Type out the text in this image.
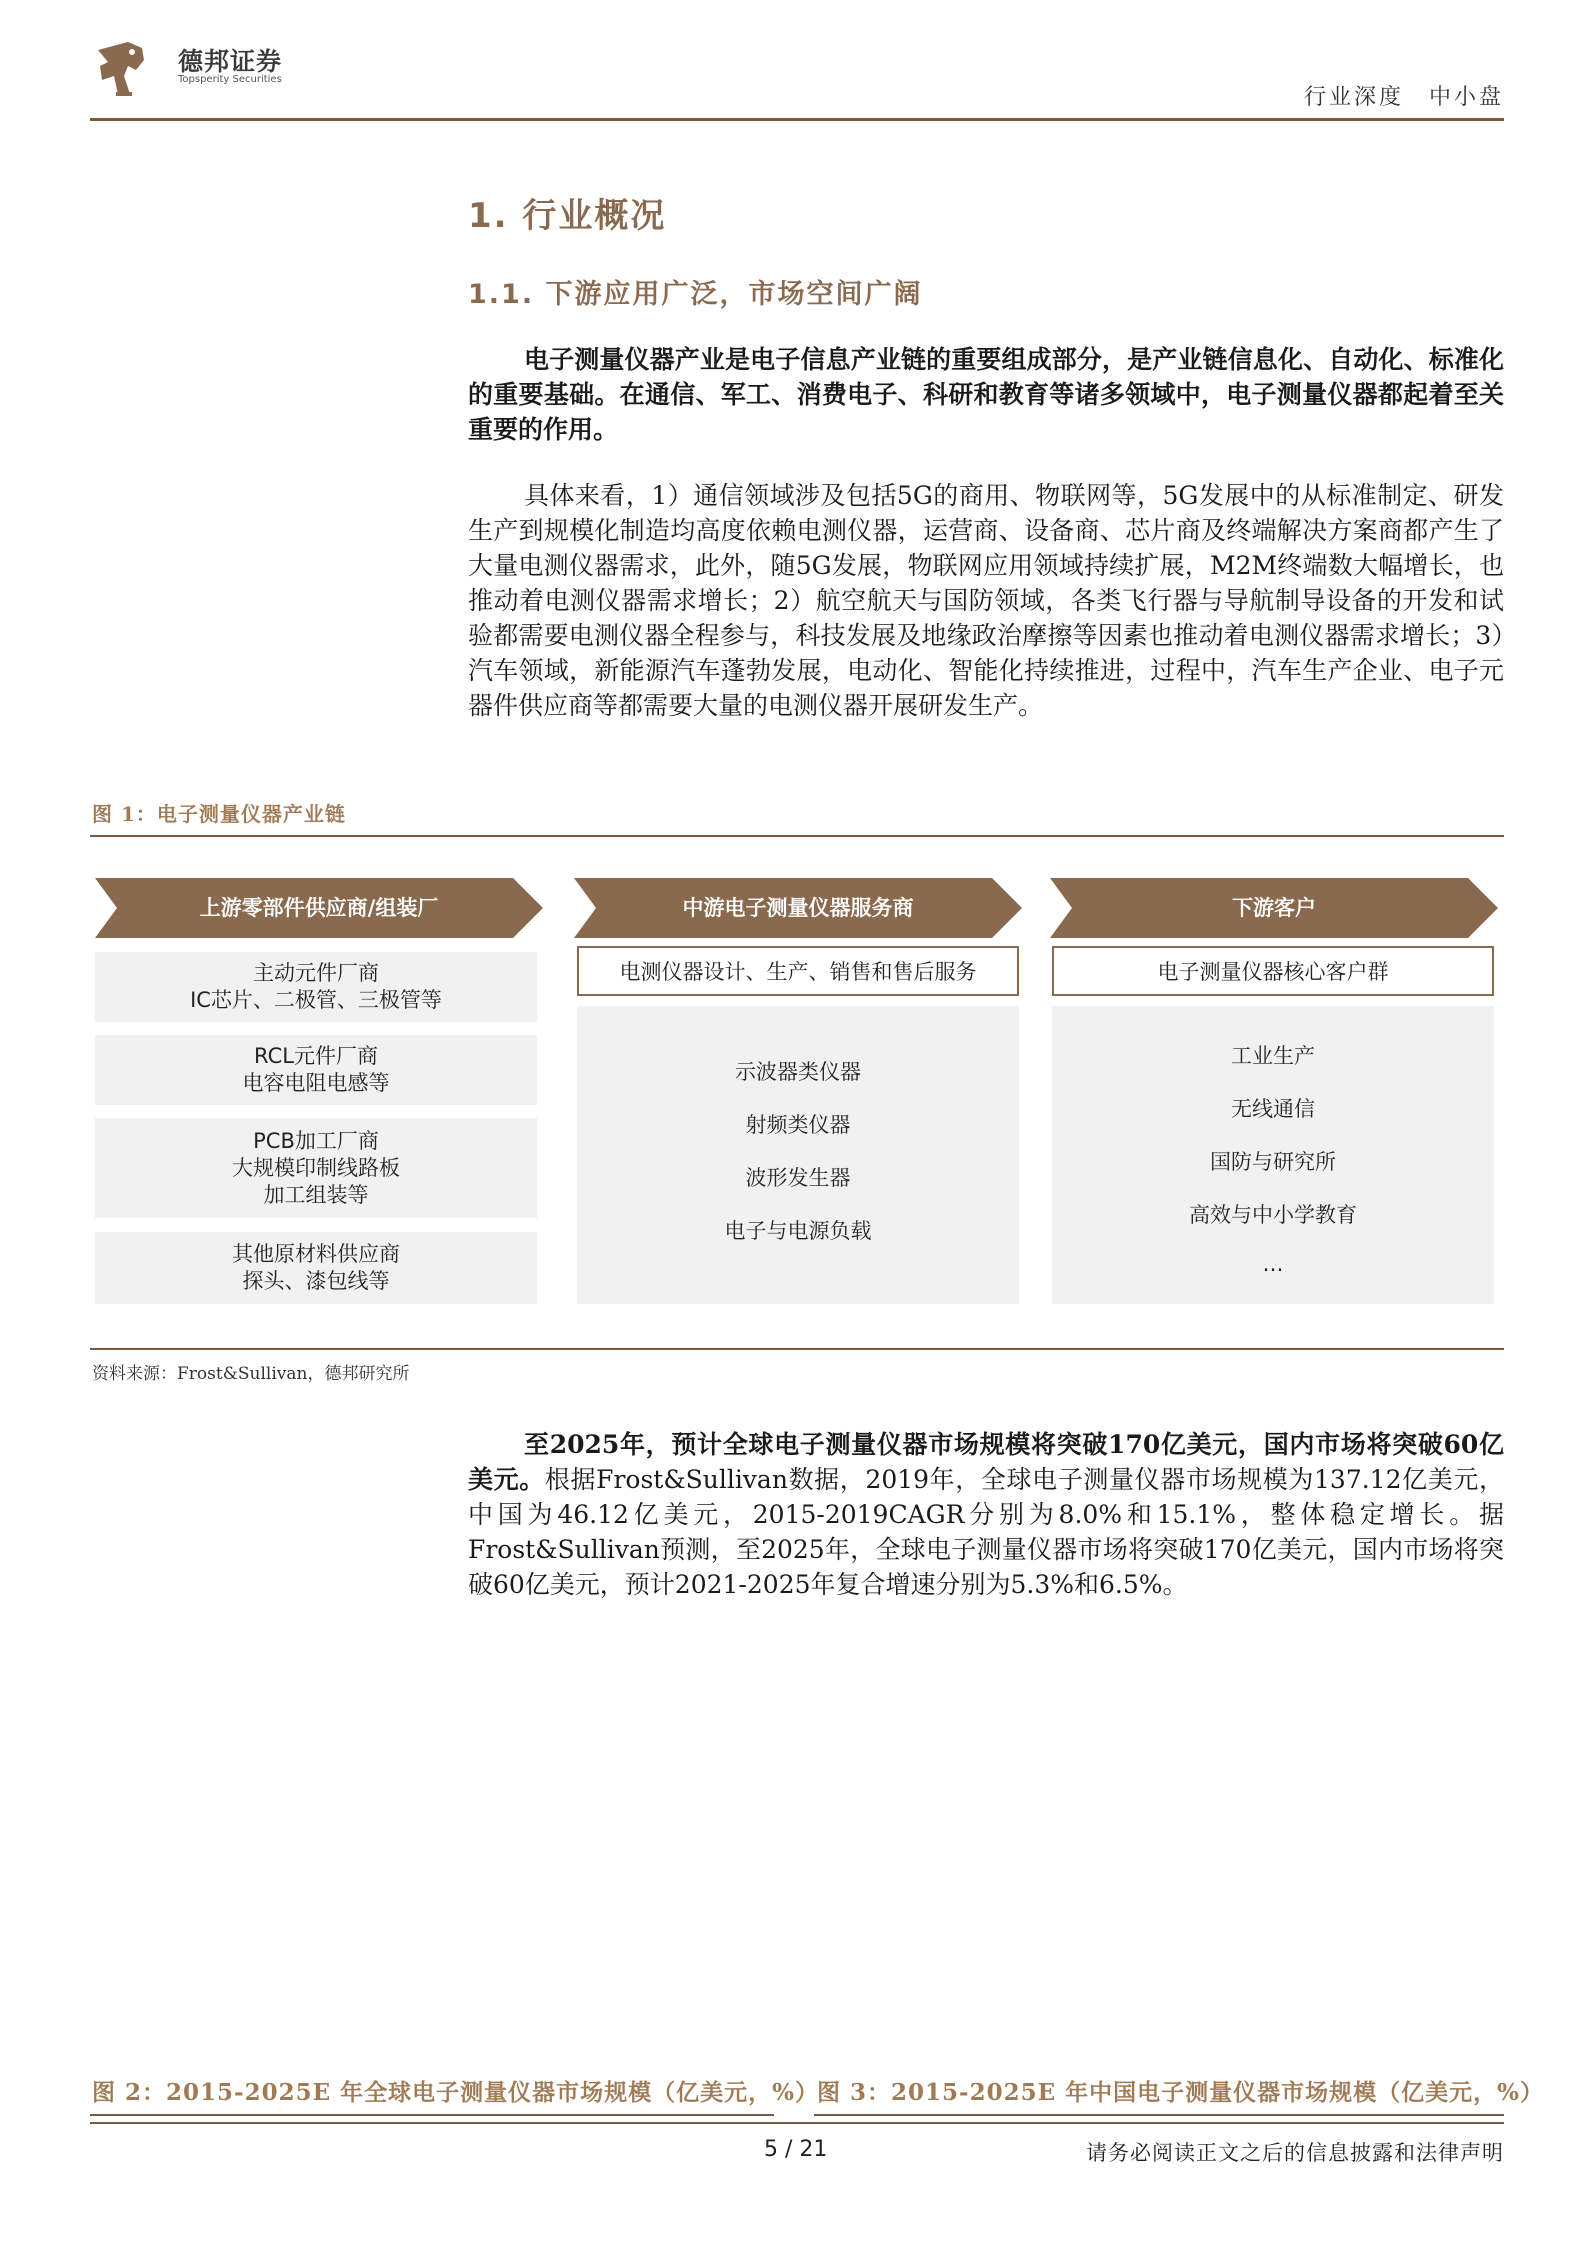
德邦证券
Topsperity Securities
行业深度　中小盘
1. 行业概况
1.1. 下游应用广泛，市场空间广阔
电子测量仪器产业是电子信息产业链的重要组成部分，是产业链信息化、自动化、标准化的重要基础。在通信、军工、消费电子、科研和教育等诸多领域中，电子测量仪器都起着至关重要的作用。
具体来看，1）通信领域涉及包括5G的商用、物联网等，5G发展中的从标准制定、研发生产到规模化制造均高度依赖电测仪器，运营商、设备商、芯片商及终端解决方案商都产生了大量电测仪器需求，此外，随5G发展，物联网应用领域持续扩展，M2M终端数大幅增长，也推动着电测仪器需求增长；2）航空航天与国防领域，各类飞行器与导航制导设备的开发和试验都需要电测仪器全程参与，科技发展及地缘政治摩擦等因素也推动着电测仪器需求增长；3）汽车领域，新能源汽车蓬勃发展，电动化、智能化持续推进，过程中，汽车生产企业、电子元器件供应商等都需要大量的电测仪器开展研发生产。
图 1：电子测量仪器产业链
上游零部件供应商/组装厂
主动元件厂商
IC芯片、二极管、三极管等
RCL元件厂商
电容电阻电感等
PCB加工厂商
大规模印制线路板
加工组装等
其他原材料供应商
探头、漆包线等
中游电子测量仪器服务商
电测仪器设计、生产、销售和售后服务
示波器类仪器
射频类仪器
波形发生器
电子与电源负载
下游客户
电子测量仪器核心客户群
工业生产
无线通信
国防与研究所
高效与中小学教育
…
资料来源：Frost&Sullivan，德邦研究所
至2025年，预计全球电子测量仪器市场规模将突破170亿美元，国内市场将突破60亿美元。根据Frost&Sullivan数据，2019年，全球电子测量仪器市场规模为137.12亿美元，中国为46.12亿美元，2015-2019CAGR分别为8.0%和15.1%，整体稳定增长。据Frost&Sullivan预测，至2025年，全球电子测量仪器市场将突破170亿美元，国内市场将突破60亿美元，预计2021-2025年复合增速分别为5.3%和6.5%。
图 2：2015-2025E 年全球电子测量仪器市场规模（亿美元，%）
图 3：2015-2025E 年中国电子测量仪器市场规模（亿美元，%）
5 / 21	请务必阅读正文之后的信息披露和法律声明
